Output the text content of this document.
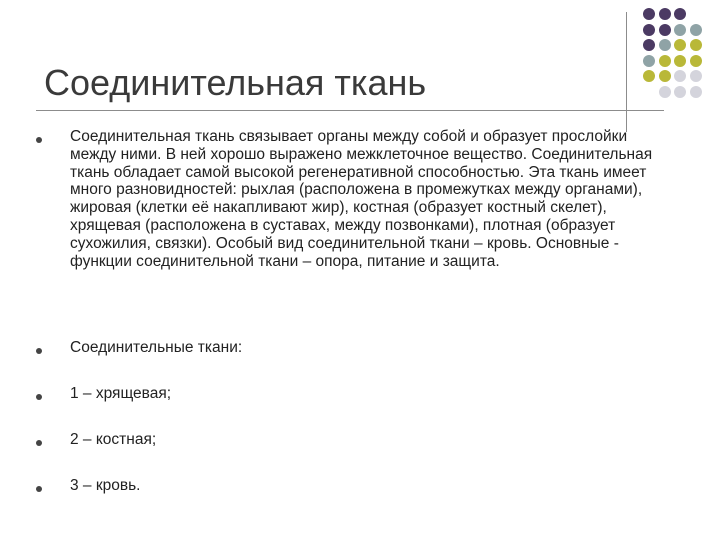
Соединительная ткань
Соединительная ткань связывает органы между собой и образует прослойки между ними. В ней хорошо выражено межклеточное вещество. Соединительная ткань обладает самой высокой регенеративной способностью. Эта ткань имеет много разновидностей: рыхлая (расположена в промежутках между органами), жировая (клетки её накапливают жир), костная (образует костный скелет), хрящевая (расположена в суставах, между позвонками), плотная (образует сухожилия, связки). Особый вид соединительной ткани – кровь. Основные - функции соединительной ткани – опора, питание и защита.
Соединительные ткани:
1 – хрящевая;
2 – костная;
3 – кровь.
